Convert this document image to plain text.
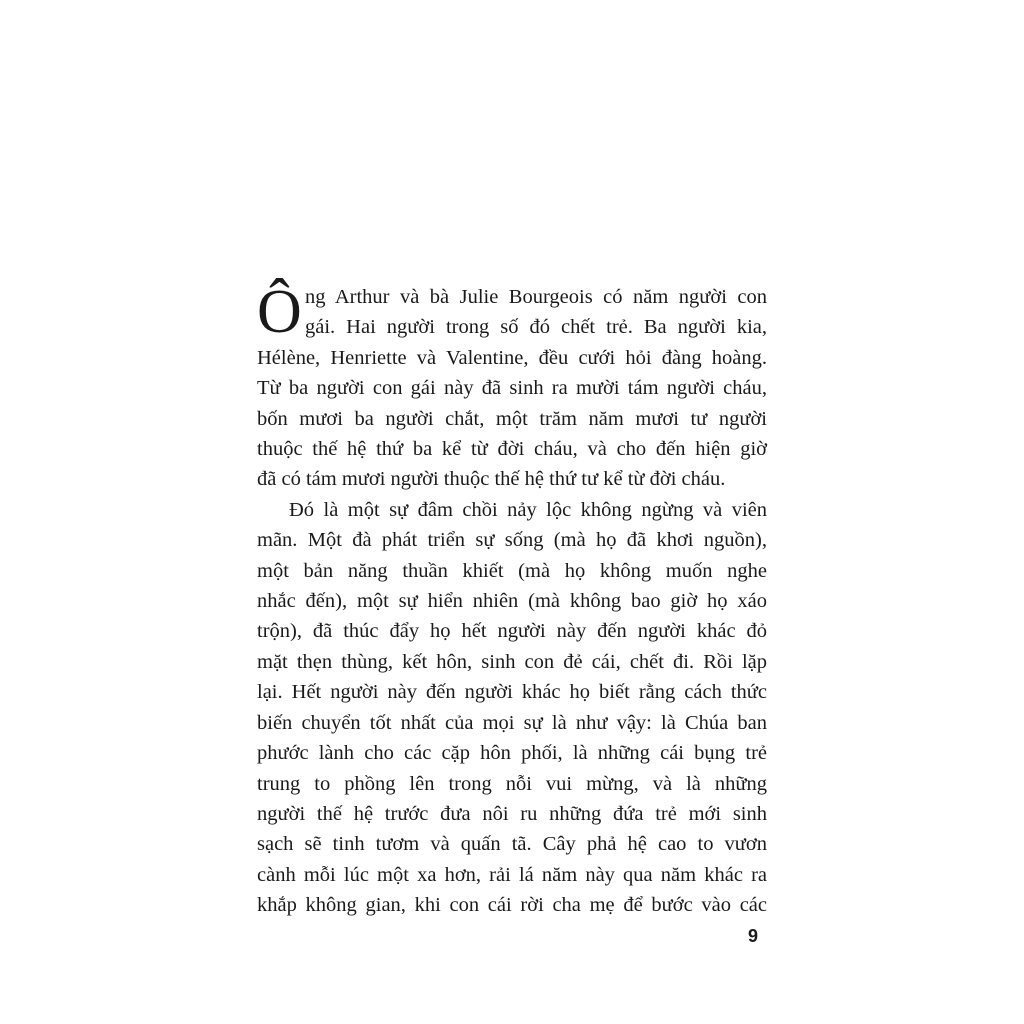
Ô ng Arthur và bà Julie Bourgeois có năm người con
gái. Hai người trong số đó chết trẻ. Ba người kia,
Hélène, Henriette và Valentine, đều cưới hỏi đàng hoàng.
Từ ba người con gái này đã sinh ra mười tám người cháu,
bốn mươi ba người chắt, một trăm năm mươi tư người
thuộc thế hệ thứ ba kể từ đời cháu, và cho đến hiện giờ
đã có tám mươi người thuộc thế hệ thứ tư kể từ đời cháu.
Đó là một sự đâm chồi nảy lộc không ngừng và viên
mãn. Một đà phát triển sự sống (mà họ đã khơi nguồn),
một bản năng thuần khiết (mà họ không muốn nghe
nhắc đến), một sự hiển nhiên (mà không bao giờ họ xáo
trộn), đã thúc đẩy họ hết người này đến người khác đỏ
mặt thẹn thùng, kết hôn, sinh con đẻ cái, chết đi. Rồi lặp
lại. Hết người này đến người khác họ biết rằng cách thức
biến chuyển tốt nhất của mọi sự là như vậy: là Chúa ban
phước lành cho các cặp hôn phối, là những cái bụng trẻ
trung to phồng lên trong nỗi vui mừng, và là những
người thế hệ trước đưa nôi ru những đứa trẻ mới sinh
sạch sẽ tinh tươm và quấn tã. Cây phả hệ cao to vươn
cành mỗi lúc một xa hơn, rải lá năm này qua năm khác ra
khắp không gian, khi con cái rời cha mẹ để bước vào các
9
